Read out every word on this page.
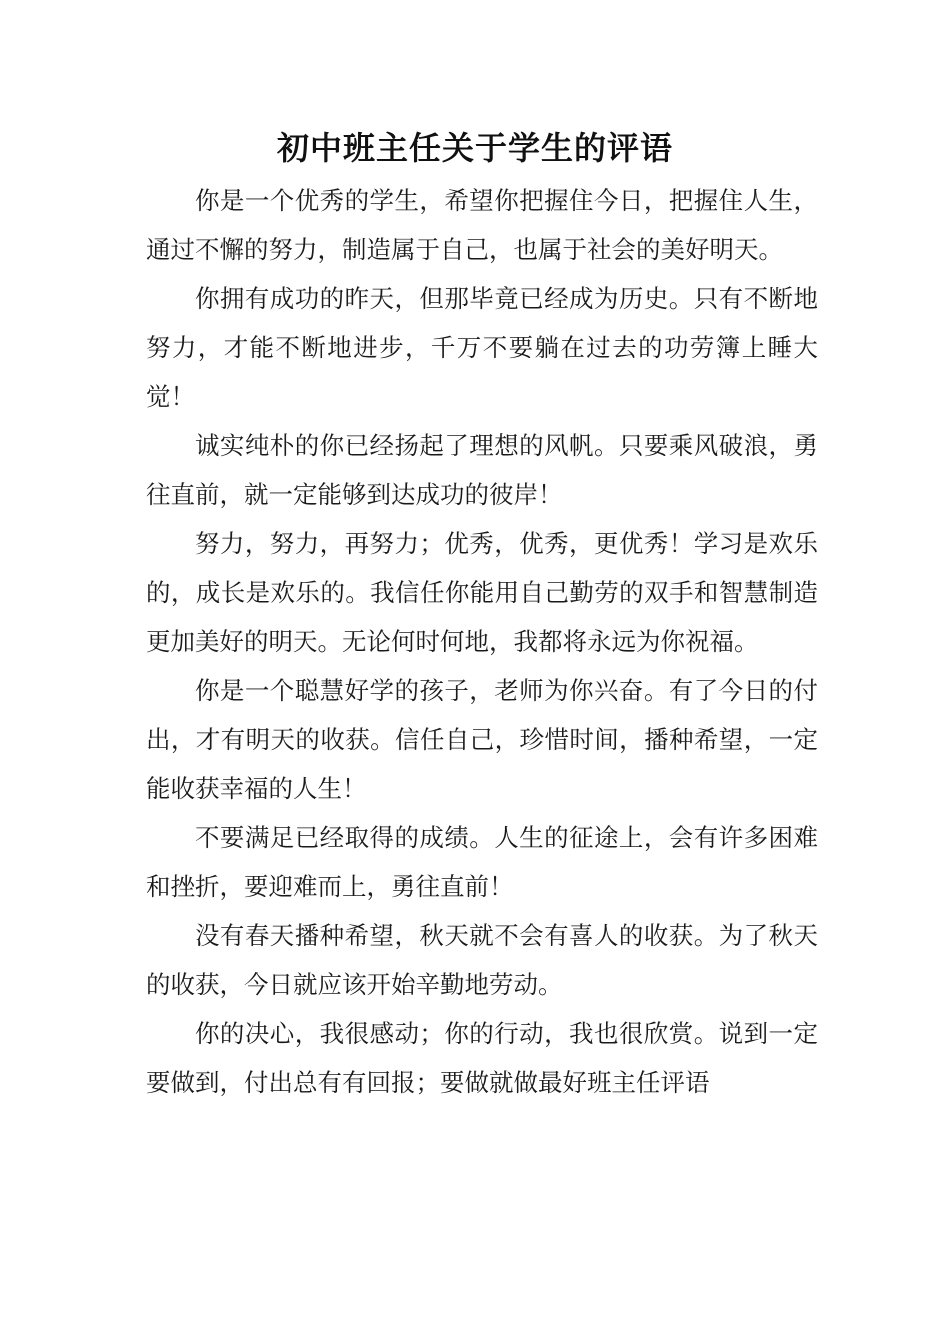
初中班主任关于学生的评语

你是一个优秀的学生，希望你把握住今日，把握住人生，通过不懈的努力，制造属于自己，也属于社会的美好明天。

你拥有成功的昨天，但那毕竟已经成为历史。只有不断地努力，才能不断地进步，千万不要躺在过去的功劳簿上睡大觉！

诚实纯朴的你已经扬起了理想的风帆。只要乘风破浪，勇往直前，就一定能够到达成功的彼岸！

努力，努力，再努力；优秀，优秀，更优秀！学习是欢乐的，成长是欢乐的。我信任你能用自己勤劳的双手和智慧制造更加美好的明天。无论何时何地，我都将永远为你祝福。

你是一个聪慧好学的孩子，老师为你兴奋。有了今日的付出，才有明天的收获。信任自己，珍惜时间，播种希望，一定能收获幸福的人生！

不要满足已经取得的成绩。人生的征途上，会有许多困难和挫折，要迎难而上，勇往直前！

没有春天播种希望，秋天就不会有喜人的收获。为了秋天的收获，今日就应该开始辛勤地劳动。

你的决心，我很感动；你的行动，我也很欣赏。说到一定要做到，付出总有有回报；要做就做最好班主任评语
